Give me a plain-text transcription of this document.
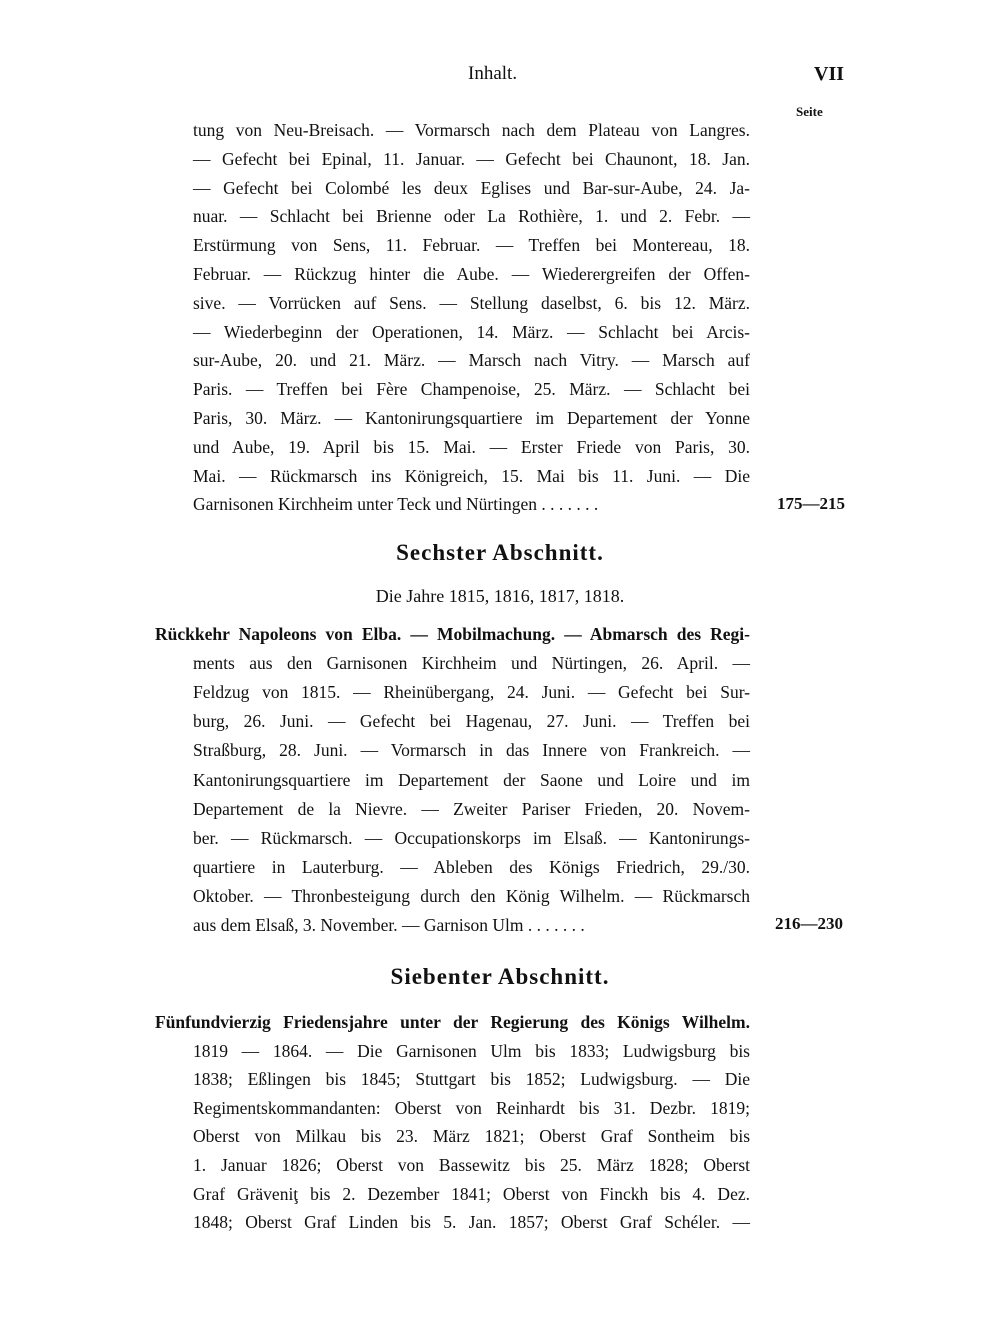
Inhalt.	VII
Seite
tung von Neu-Breisach. — Vormarsch nach dem Plateau von Langres.
— Gefecht bei Epinal, 11. Januar. — Gefecht bei Chaunont, 18. Jan.
— Gefecht bei Colombé les deux Eglises und Bar-sur-Aube, 24. Ja-
nuar. — Schlacht bei Brienne oder La Rothière, 1. und 2. Febr. —
Erstürmung von Sens, 11. Februar. — Treffen bei Montereau, 18.
Februar. — Rückzug hinter die Aube. — Wiederergreifen der Offen-
sive. — Vorrücken auf Sens. — Stellung daselbst, 6. bis 12. März.
— Wiederbeginn der Operationen, 14. März. — Schlacht bei Arcis-
sur-Aube, 20. und 21. März. — Marsch nach Vitry. — Marsch auf
Paris. — Treffen bei Fère Champenoise, 25. März. — Schlacht bei
Paris, 30. März. — Kantonirungsquartiere im Departement der Yonne
und Aube, 19. April bis 15. Mai. — Erster Friede von Paris, 30.
Mai. — Rückmarsch ins Königreich, 15. Mai bis 11. Juni. — Die
Garnisonen Kirchheim unter Teck und Nürtingen . . . . . . .	175—215
Sechster Abschnitt.
Die Jahre 1815, 1816, 1817, 1818.
Rückkehr Napoleons von Elba. — Mobilmachung. — Abmarsch des Regi-
ments aus den Garnisonen Kirchheim und Nürtingen, 26. April. —
Feldzug von 1815. — Rheinübergang, 24. Juni. — Gefecht bei Sur-
burg, 26. Juni. — Gefecht bei Hagenau, 27. Juni. — Treffen bei
Straßburg, 28. Juni. — Vormarsch in das Innere von Frankreich. —
Kantonirungsquartiere im Departement der Saone und Loire und im
Departement de la Nievre. — Zweiter Pariser Frieden, 20. Novem-
ber. — Rückmarsch. — Occupationskorps im Elsaß. — Kantonirungs-
quartiere in Lauterburg. — Ableben des Königs Friedrich, 29./30.
Oktober. — Thronbesteigung durch den König Wilhelm. — Rückmarsch
aus dem Elsaß, 3. November. — Garnison Ulm . . . . . . .	216—230
Siebenter Abschnitt.
Fünfundvierzig Friedensjahre unter der Regierung des Königs Wilhelm.
1819 — 1864. — Die Garnisonen Ulm bis 1833; Ludwigsburg bis
1838; Eßlingen bis 1845; Stuttgart bis 1852; Ludwigsburg. — Die
Regimentskommandanten: Oberst von Reinhardt bis 31. Dezbr. 1819;
Oberst von Milkau bis 23. März 1821; Oberst Graf Sontheim bis
1. Januar 1826; Oberst von Bassewitz bis 25. März 1828; Oberst
Graf Gräveniţ bis 2. Dezember 1841; Oberst von Finckh bis 4. Dez.
1848; Oberst Graf Linden bis 5. Jan. 1857; Oberst Graf Schéler. —
